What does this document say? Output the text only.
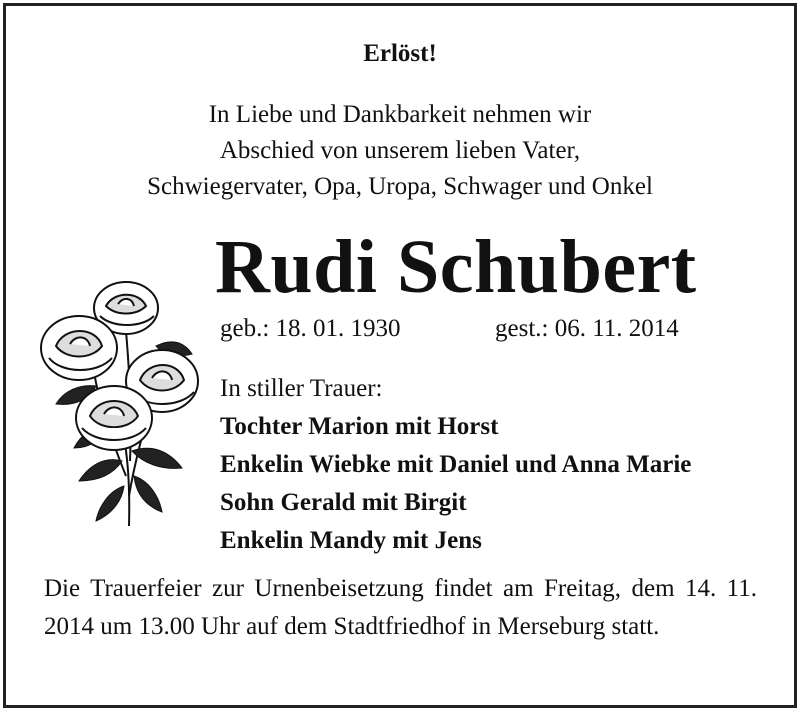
Erlöst!
In Liebe und Dankbarkeit nehmen wir
Abschied von unserem lieben Vater,
Schwiegervater, Opa, Uropa, Schwager und Onkel
Rudi Schubert
geb.: 18. 01. 1930	gest.: 06. 11. 2014
In stiller Trauer:
Tochter Marion mit Horst
Enkelin Wiebke mit Daniel und Anna Marie
Sohn Gerald mit Birgit
Enkelin Mandy mit Jens
Die Trauerfeier zur Urnenbeisetzung findet am Freitag, dem 14. 11. 2014 um 13.00 Uhr auf dem Stadtfriedhof in Merseburg statt.
